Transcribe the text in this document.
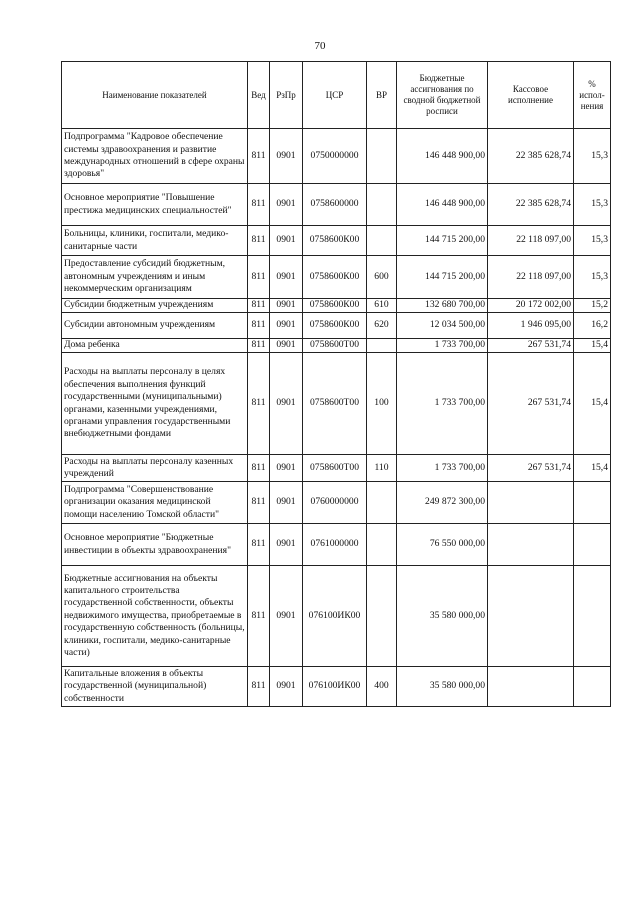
70
Наименование показателей	Вед	РзПр	ЦСР	ВР	Бюджетные ассигнования по сводной бюджетной росписи	Кассовое исполнение	% испол-нения
Подпрограмма "Кадровое обеспечение системы здравоохранения и развитие международных отношений в сфере охраны здоровья"	811	0901	0750000000		146 448 900,00	22 385 628,74	15,3
Основное мероприятие "Повышение престижа медицинских специальностей"	811	0901	0758600000		146 448 900,00	22 385 628,74	15,3
Больницы, клиники, госпитали, медико-санитарные части	811	0901	0758600К00		144 715 200,00	22 118 097,00	15,3
Предоставление субсидий бюджетным, автономным учреждениям и иным некоммерческим организациям	811	0901	0758600К00	600	144 715 200,00	22 118 097,00	15,3
Субсидии бюджетным учреждениям	811	0901	0758600К00	610	132 680 700,00	20 172 002,00	15,2
Субсидии автономным учреждениям	811	0901	0758600К00	620	12 034 500,00	1 946 095,00	16,2
Дома ребенка	811	0901	0758600Т00		1 733 700,00	267 531,74	15,4
Расходы на выплаты персоналу в целях обеспечения выполнения функций государственными (муниципальными) органами, казенными учреждениями, органами управления государственными внебюджетными фондами	811	0901	0758600Т00	100	1 733 700,00	267 531,74	15,4
Расходы на выплаты персоналу казенных учреждений	811	0901	0758600Т00	110	1 733 700,00	267 531,74	15,4
Подпрограмма "Совершенствование организации оказания медицинской помощи населению Томской области"	811	0901	0760000000		249 872 300,00		
Основное мероприятие "Бюджетные инвестиции в объекты здравоохранения"	811	0901	0761000000		76 550 000,00		
Бюджетные ассигнования на объекты капитального строительства государственной собственности, объекты недвижимого имущества, приобретаемые в государственную собственность (больницы, клиники, госпитали, медико-санитарные части)	811	0901	076100ИК00		35 580 000,00		
Капитальные вложения в объекты государственной (муниципальной) собственности	811	0901	076100ИК00	400	35 580 000,00		
